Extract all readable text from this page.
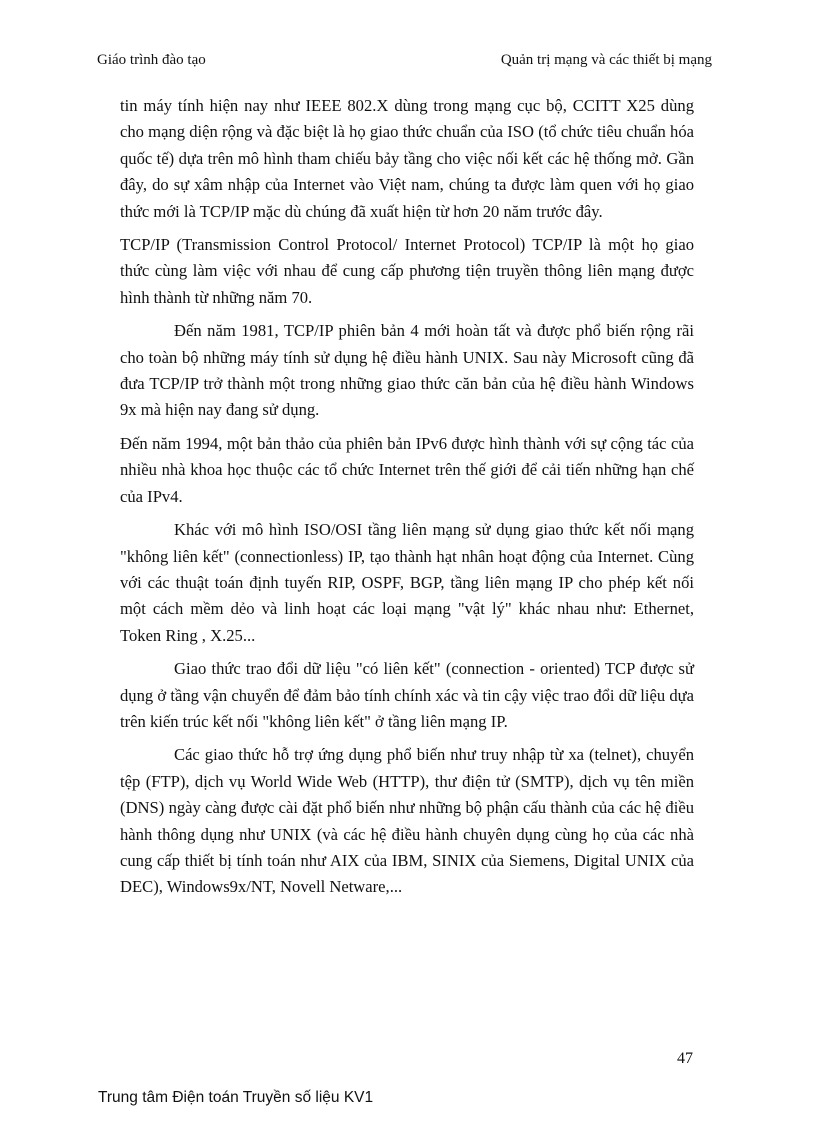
Giáo trình đào tạo	Quản trị mạng và các thiết bị mạng

tin máy tính hiện nay như IEEE 802.X dùng trong mạng cục bộ, CCITT X25 dùng cho mạng diện rộng và đặc biệt là họ giao thức chuẩn của ISO (tổ chức tiêu chuẩn hóa quốc tế) dựa trên mô hình tham chiếu bảy tầng cho việc nối kết các hệ thống mở. Gần đây, do sự xâm nhập của Internet vào Việt nam, chúng ta được làm quen với họ giao thức mới là TCP/IP mặc dù chúng đã xuất hiện từ hơn 20 năm trước đây.

TCP/IP (Transmission Control Protocol/ Internet Protocol) TCP/IP là một họ giao thức cùng làm việc với nhau để cung cấp phương tiện truyền thông liên mạng được hình thành từ những năm 70.

Đến năm 1981, TCP/IP phiên bản 4 mới hoàn tất và được phổ biến rộng rãi cho toàn bộ những máy tính sử dụng hệ điều hành UNIX. Sau này Microsoft cũng đã đưa TCP/IP trở thành một trong những giao thức căn bản của hệ điều hành Windows 9x mà hiện nay đang sử dụng.

Đến năm 1994, một bản thảo của phiên bản IPv6 được hình thành với sự cộng tác của nhiều nhà khoa học thuộc các tổ chức Internet trên thế giới để cải tiến những hạn chế của IPv4.

Khác với mô hình ISO/OSI tầng liên mạng sử dụng giao thức kết nối mạng "không liên kết" (connectionless) IP, tạo thành hạt nhân hoạt động của Internet. Cùng với các thuật toán định tuyến RIP, OSPF, BGP, tầng liên mạng IP cho phép kết nối một cách mềm dẻo và linh hoạt các loại mạng "vật lý" khác nhau như: Ethernet, Token Ring , X.25...

Giao thức trao đổi dữ liệu "có liên kết" (connection - oriented) TCP được sử dụng ở tầng vận chuyển để đảm bảo tính chính xác và tin cậy việc trao đổi dữ liệu dựa trên kiến trúc kết nối "không liên kết" ở tầng liên mạng IP.

Các giao thức hỗ trợ ứng dụng phổ biến như truy nhập từ xa (telnet), chuyển tệp (FTP), dịch vụ World Wide Web (HTTP), thư điện tử (SMTP), dịch vụ tên miền (DNS) ngày càng được cài đặt phổ biến như những bộ phận cấu thành của các hệ điều hành thông dụng như UNIX (và các hệ điều hành chuyên dụng cùng họ của các nhà cung cấp thiết bị tính toán như AIX của IBM, SINIX của Siemens, Digital UNIX của DEC), Windows9x/NT, Novell Netware,...

47
Trung tâm Điện toán Truyền số liệu KV1
